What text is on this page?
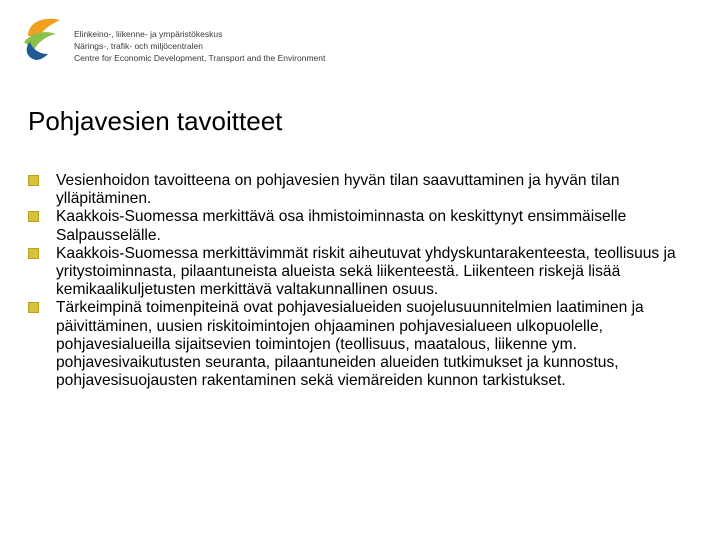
Elinkeino-, liikenne- ja ympäristökeskus
Närings-, trafik- och miljöcentralen
Centre for Economic Development, Transport and the Environment
Pohjavesien tavoitteet
Vesienhoidon tavoitteena on pohjavesien hyvän tilan saavuttaminen ja hyvän tilan ylläpitäminen.
Kaakkois-Suomessa merkittävä osa ihmistoiminnasta on keskittynyt ensimmäiselle Salpausselälle.
Kaakkois-Suomessa merkittävimmät riskit aiheutuvat yhdyskuntarakenteesta, teollisuus ja yritystoiminnasta, pilaantuneista alueista sekä liikenteestä. Liikenteen riskejä lisää kemikaalikuljetusten merkittävä valtakunnallinen osuus.
Tärkeimpinä toimenpiteinä ovat pohjavesialueiden suojelusuunnitelmien laatiminen ja päivittäminen, uusien riskitoimintojen ohjaaminen pohjavesialueen ulkopuolelle, pohjavesialueilla sijaitsevien toimintojen (teollisuus, maatalous, liikenne ym. pohjavesivaikutusten seuranta, pilaantuneiden alueiden tutkimukset ja kunnostus, pohjavesisuojausten rakentaminen sekä viemäreiden kunnon tarkistukset.
